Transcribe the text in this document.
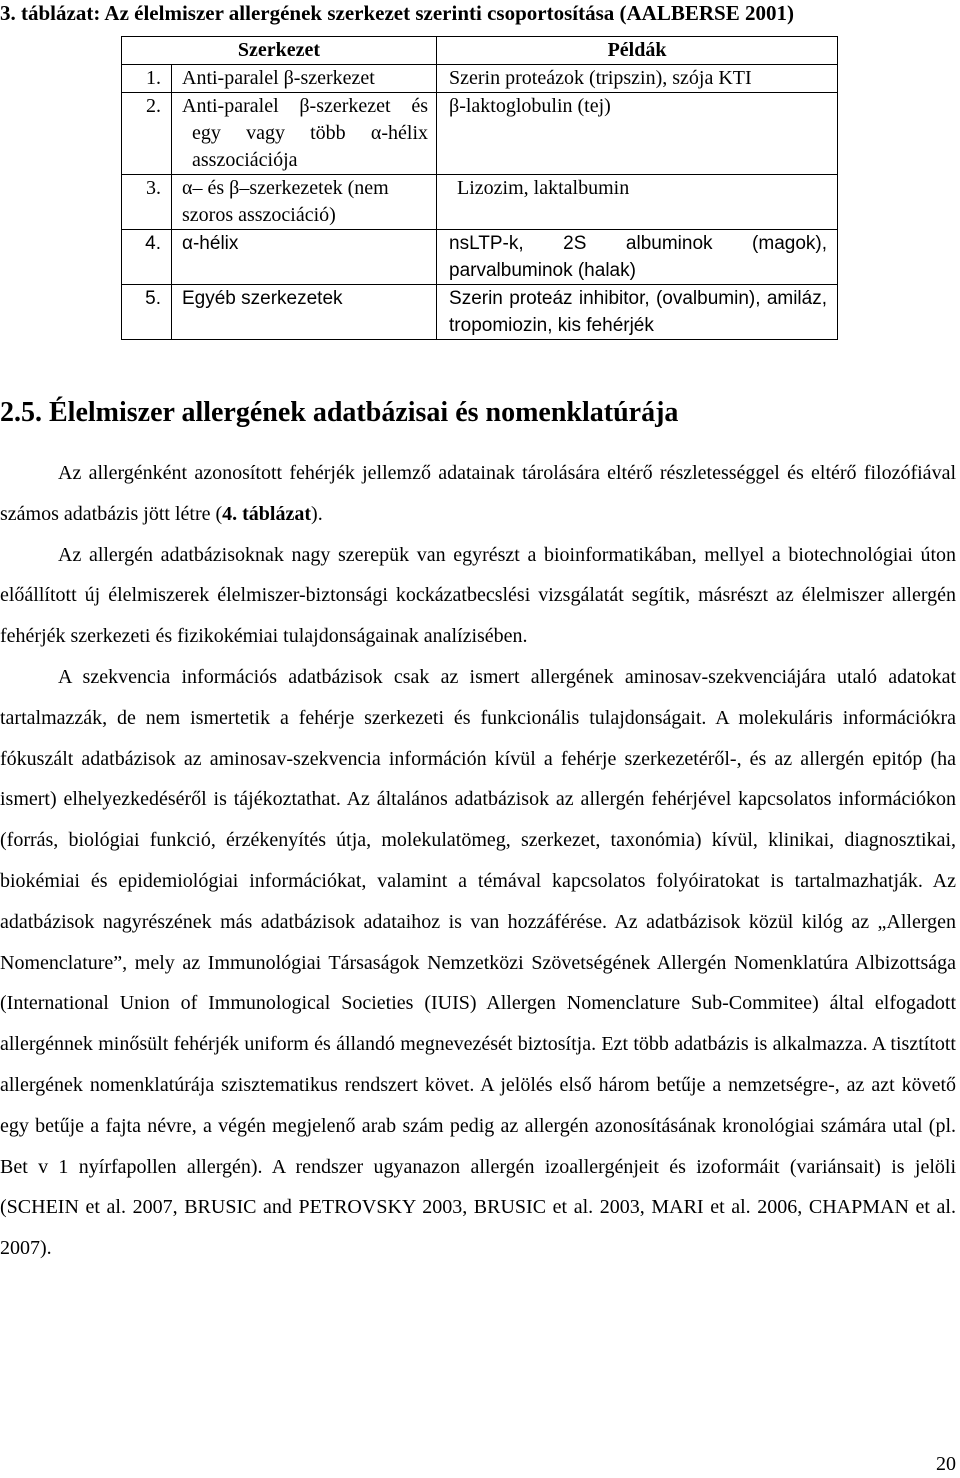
3. táblázat: Az élelmiszer allergének szerkezet szerinti csoportosítása (AALBERSE 2001)
Szerkezet		Példák
1.	Anti-paralel β-szerkezet	Szerin proteázok (tripszin), szója KTI
2.	Anti-paralel β-szerkezet és egy vagy több α-hélix asszociációja	β-laktoglobulin (tej)
3.	α– és β–szerkezetek (nem szoros asszociáció)	Lizozim, laktalbumin
4.	α-hélix	nsLTP-k, 2S albuminok (magok), parvalbuminok (halak)
5.	Egyéb szerkezetek	Szerin proteáz inhibitor, (ovalbumin), amiláz, tropomiozin, kis fehérjék
2.5. Élelmiszer allergének adatbázisai és nomenklatúrája

Az allergénként azonosított fehérjék jellemző adatainak tárolására eltérő részletességgel és eltérő filozófiával számos adatbázis jött létre (4. táblázat).

Az allergén adatbázisoknak nagy szerepük van egyrészt a bioinformatikában, mellyel a biotechnológiai úton előállított új élelmiszerek élelmiszer-biztonsági kockázatbecslési vizsgálatát segítik, másrészt az élelmiszer allergén fehérjék szerkezeti és fizikokémiai tulajdonságainak analízisében.

A szekvencia információs adatbázisok csak az ismert allergének aminosav-szekvenciájára utaló adatokat tartalmazzák, de nem ismertetik a fehérje szerkezeti és funkcionális tulajdonságait. A molekuláris információkra fókuszált adatbázisok az aminosav-szekvencia információn kívül a fehérje szerkezetéről-, és az allergén epitóp (ha ismert) elhelyezkedéséről is tájékoztathat. Az általános adatbázisok az allergén fehérjével kapcsolatos információkon (forrás, biológiai funkció, érzékenyítés útja, molekulatömeg, szerkezet, taxonómia) kívül, klinikai, diagnosztikai, biokémiai és epidemiológiai információkat, valamint a témával kapcsolatos folyóiratokat is tartalmazhatják. Az adatbázisok nagyrészének más adatbázisok adataihoz is van hozzáférése. Az adatbázisok közül kilóg az „Allergen Nomenclature”, mely az Immunológiai Társaságok Nemzetközi Szövetségének Allergén Nomenklatúra Albizottsága (International Union of Immunological Societies (IUIS) Allergen Nomenclature Sub-Commitee) által elfogadott allergénnek minősült fehérjék uniform és állandó megnevezését biztosítja. Ezt több adatbázis is alkalmazza. A tisztított allergének nomenklatúrája szisztematikus rendszert követ. A jelölés első három betűje a nemzetségre-, az azt követő egy betűje a fajta névre, a végén megjelenő arab szám pedig az allergén azonosításának kronológiai számára utal (pl. Bet v 1 nyírfapollen allergén). A rendszer ugyanazon allergén izoallergénjeit és izoformáit (variánsait) is jelöli (SCHEIN et al. 2007, BRUSIC and PETROVSKY 2003, BRUSIC et al. 2003, MARI et al. 2006, CHAPMAN et al. 2007).

20
